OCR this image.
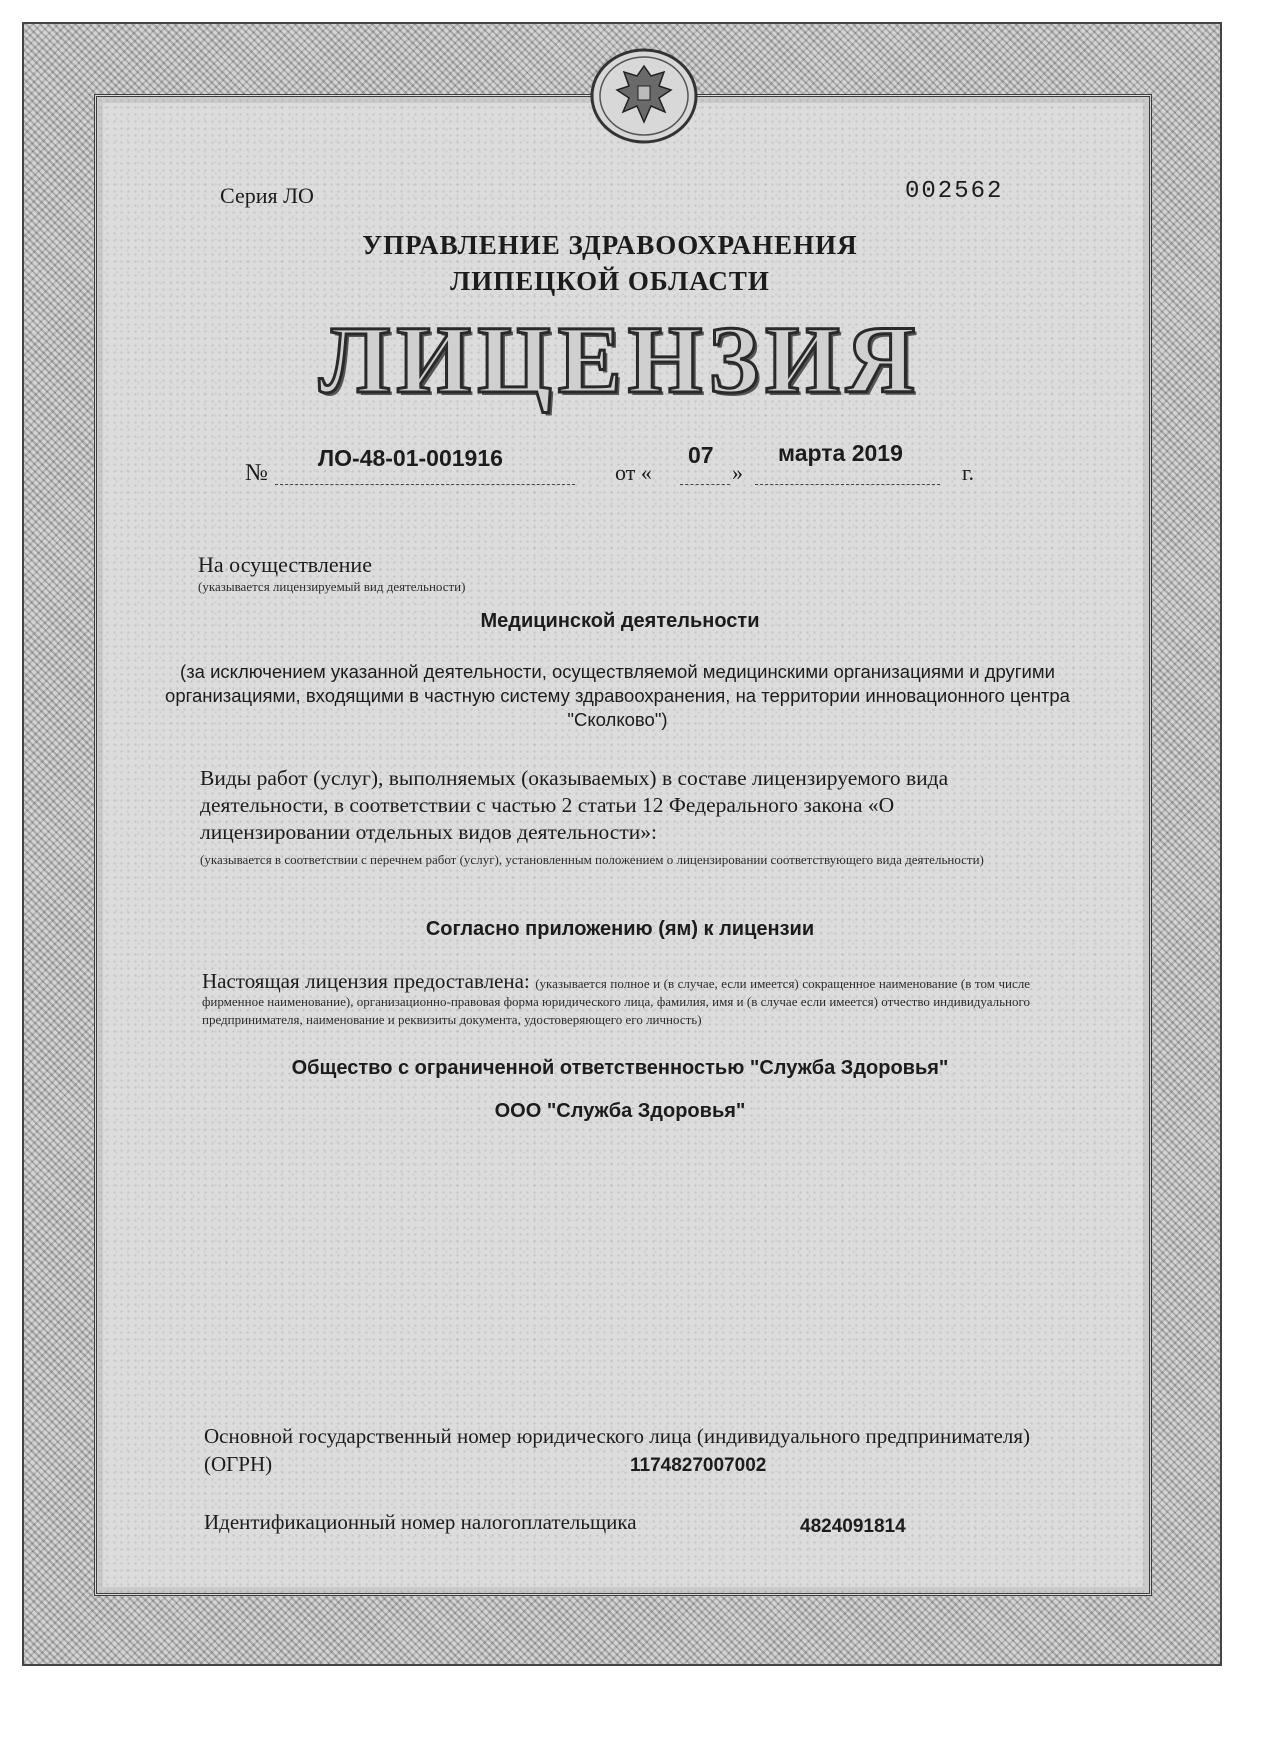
Серия ЛО	002562
УПРАВЛЕНИЕ ЗДРАВООХРАНЕНИЯ
ЛИПЕЦКОЙ ОБЛАСТИ
ЛИЦЕНЗИЯ
№
ЛО-48-01-001916
от «
07
»
марта 2019
г.
На осуществление
(указывается лицензируемый вид деятельности)
Медицинской деятельности
(за исключением указанной деятельности, осуществляемой медицинскими организациями и другими организациями, входящими в частную систему здравоохранения, на территории инновационного центра "Сколково")
Виды работ (услуг), выполняемых (оказываемых) в составе лицензируемого вида деятельности, в соответствии с частью 2 статьи 12 Федерального закона «О лицензировании отдельных видов деятельности»:
(указывается в соответствии с перечнем работ (услуг), установленным положением о лицензировании соответствующего вида деятельности)
Согласно приложению (ям) к лицензии
Настоящая лицензия предоставлена: (указывается полное и (в случае, если имеется) сокращенное наименование (в том числе фирменное наименование), организационно-правовая форма юридического лица, фамилия, имя и (в случае если имеется) отчество индивидуального предпринимателя, наименование и реквизиты документа, удостоверяющего его личность)
Общество с ограниченной ответственностью "Служба Здоровья"
ООО "Служба Здоровья"
Основной государственный номер юридического лица (индивидуального предпринимателя) (ОГРН)	1174827007002
Идентификационный номер налогоплательщика	4824091814
